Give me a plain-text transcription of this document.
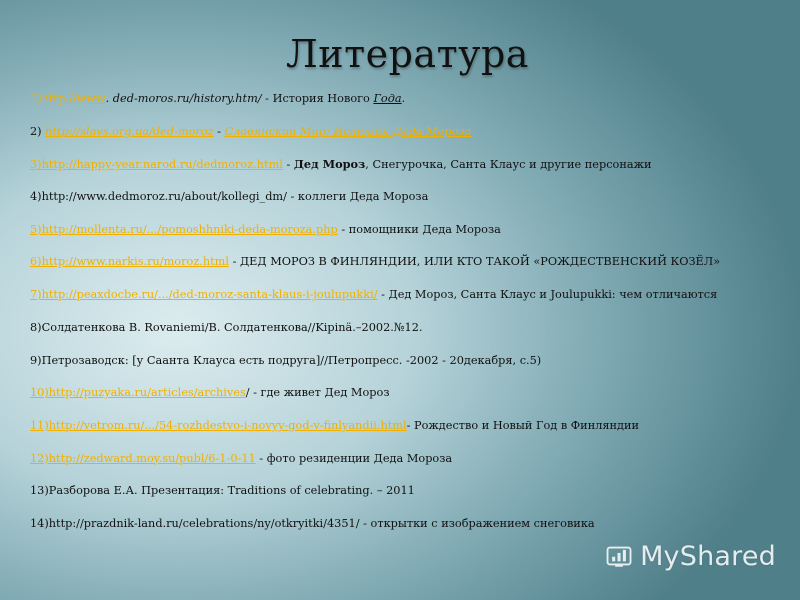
Литература
1)http://www. ded-moros.ru/history.htm/ - История Нового Года.
2) http://slavs.org.ua/ded-moroz - Славянский Мир: История Деда Мороза
3)http://happy-year.narod.ru/dedmoroz.html - Дед Мороз, Снегурочка, Санта Клаус и другие персонажи
4)http://www.dedmoroz.ru/about/kollegi_dm/ - коллеги Деда Мороза
5)http://mollenta.ru/.../pomoshhniki-deda-moroza.php - помощники Деда Мороза
6)http://www.narkis.ru/moroz.html - ДЕД МОРОЗ В ФИНЛЯНДИИ, ИЛИ КТО ТАКОЙ «РОЖДЕСТВЕНСКИЙ КОЗЁЛ»
7)http://peaxdocbe.ru/.../ded-moroz-santa-klaus-i-joulupukki/ - Дед Мороз, Санта Клаус и Joulupukki: чем отличаются
8)Солдатенкова В. Rovaniemi/В. Солдатенкова//Kipinä.–2002.№12.
9)Петрозаводск: [у Саанта Клауса есть подруга]//Петропресс. -2002 - 20декабря, с.5)
10)http://puzyaka.ru/articles/archives/ - где живет Дед Мороз
11)http://vetrom.ru/.../54-rozhdestvo-i-novyy-god-v-finlyandii.html- Рождество и Новый Год в Финляндии
12)http://zedward.moy.su/publ/6-1-0-11 - фото резиденции Деда Мороза
13)Разборова Е.А. Презентация: Traditions of celebrating. – 2011
14)http://prazdnik-land.ru/celebrations/ny/otkryitki/4351/ - открытки с изображением снеговика
MyShared
